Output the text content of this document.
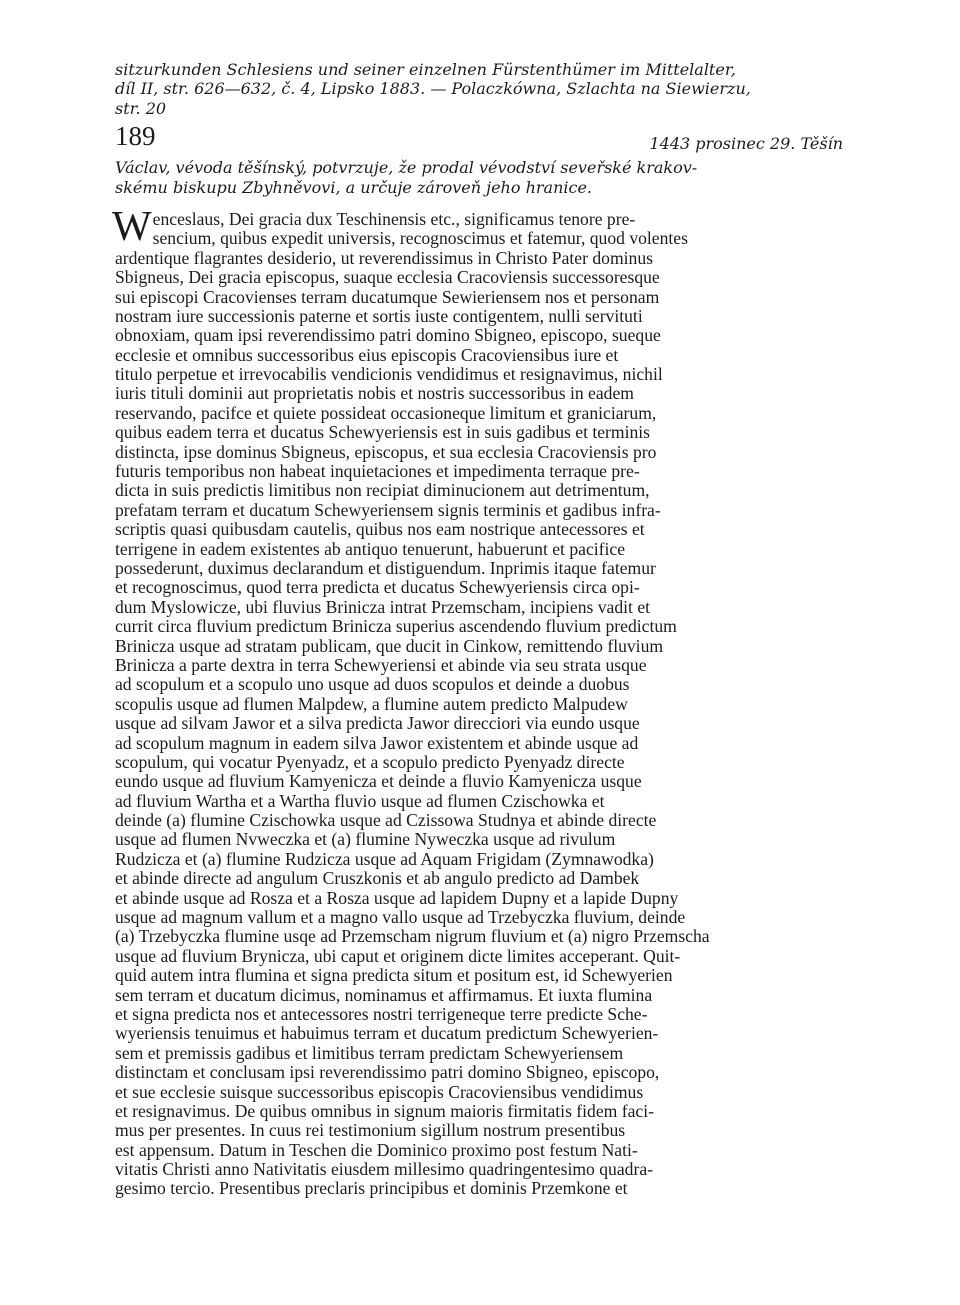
sitzurkunden Schlesiens und seiner einzelnen Fürstenthümer im Mittelalter,
díl II, str. 626—632, č. 4, Lipsko 1883. — Polaczkówna, Szlachta na Siewierzu,
str. 20
189	1443 prosinec 29. Těšín
Václav, vévoda těšínský, potvrzuje, že prodal vévodství seveřské krakov-
skému biskupu Zbyhněvovi, a určuje zároveň jeho hranice.
W enceslaus, Dei gracia dux Teschinensis etc., significamus tenore pre-
sencium, quibus expedit universis, recognoscimus et fatemur, quod volentes
ardentique flagrantes desiderio, ut reverendissimus in Christo Pater dominus
Sbigneus, Dei gracia episcopus, suaque ecclesia Cracoviensis successoresque
sui episcopi Cracovienses terram ducatumque Sewieriensem nos et personam
nostram iure successionis paterne et sortis iuste contigentem, nulli servituti
obnoxiam, quam ipsi reverendissimo patri domino Sbigneo, episcopo, sueque
ecclesie et omnibus successoribus eius episcopis Cracoviensibus iure et
titulo perpetue et irrevocabilis vendicionis vendidimus et resignavimus, nichil
iuris tituli dominii aut proprietatis nobis et nostris successoribus in eadem
reservando, pacifce et quiete possideat occasioneque limitum et graniciarum,
quibus eadem terra et ducatus Schewyeriensis est in suis gadibus et terminis
distincta, ipse dominus Sbigneus, episcopus, et sua ecclesia Cracoviensis pro
futuris temporibus non habeat inquietaciones et impedimenta terraque pre-
dicta in suis predictis limitibus non recipiat diminucionem aut detrimentum,
prefatam terram et ducatum Schewyeriensem signis terminis et gadibus infra-
scriptis quasi quibusdam cautelis, quibus nos eam nostrique antecessores et
terrigene in eadem existentes ab antiquo tenuerunt, habuerunt et pacifice
possederunt, duximus declarandum et distiguendum. Inprimis itaque fatemur
et recognoscimus, quod terra predicta et ducatus Schewyeriensis circa opi-
dum Myslowicze, ubi fluvius Brinicza intrat Przemscham, incipiens vadit et
currit circa fluvium predictum Brinicza superius ascendendo fluvium predictum
Brinicza usque ad stratam publicam, que ducit in Cinkow, remittendo fluvium
Brinicza a parte dextra in terra Schewyeriensi et abinde via seu strata usque
ad scopulum et a scopulo uno usque ad duos scopulos et deinde a duobus
scopulis usque ad flumen Malpdew, a flumine autem predicto Malpudew
usque ad silvam Jawor et a silva predicta Jawor direcciori via eundo usque
ad scopulum magnum in eadem silva Jawor existentem et abinde usque ad
scopulum, qui vocatur Pyenyadz, et a scopulo predicto Pyenyadz directe
eundo usque ad fluvium Kamyenicza et deinde a fluvio Kamyenicza usque
ad fluvium Wartha et a Wartha fluvio usque ad flumen Czischowka et
deinde (a) flumine Czischowka usque ad Czissowa Studnya et abinde directe
usque ad flumen Nvweczka et (a) flumine Nyweczka usque ad rivulum
Rudzicza et (a) flumine Rudzicza usque ad Aquam Frigidam (Zymnawodka)
et abinde directe ad angulum Cruszkonis et ab angulo predicto ad Dambek
et abinde usque ad Rosza et a Rosza usque ad lapidem Dupny et a lapide Dupny
usque ad magnum vallum et a magno vallo usque ad Trzebyczka fluvium, deinde
(a) Trzebyczka flumine usqe ad Przemscham nigrum fluvium et (a) nigro Przemscha
usque ad fluvium Brynicza, ubi caput et originem dicte limites acceperant. Quit-
quid autem intra flumina et signa predicta situm et positum est, id Schewyerien
sem terram et ducatum dicimus, nominamus et affirmamus. Et iuxta flumina
et signa predicta nos et antecessores nostri terrigeneque terre predicte Sche-
wyeriensis tenuimus et habuimus terram et ducatum predictum Schewyerien-
sem et premissis gadibus et limitibus terram predictam Schewyeriensem
distinctam et conclusam ipsi reverendissimo patri domino Sbigneo, episcopo,
et sue ecclesie suisque successoribus episcopis Cracoviensibus vendidimus
et resignavimus. De quibus omnibus in signum maioris firmitatis fidem faci-
mus per presentes. In cuus rei testimonium sigillum nostrum presentibus
est appensum. Datum in Teschen die Dominico proximo post festum Nati-
vitatis Christi anno Nativitatis eiusdem millesimo quadringentesimo quadra-
gesimo tercio. Presentibus preclaris principibus et dominis Przemkone et
